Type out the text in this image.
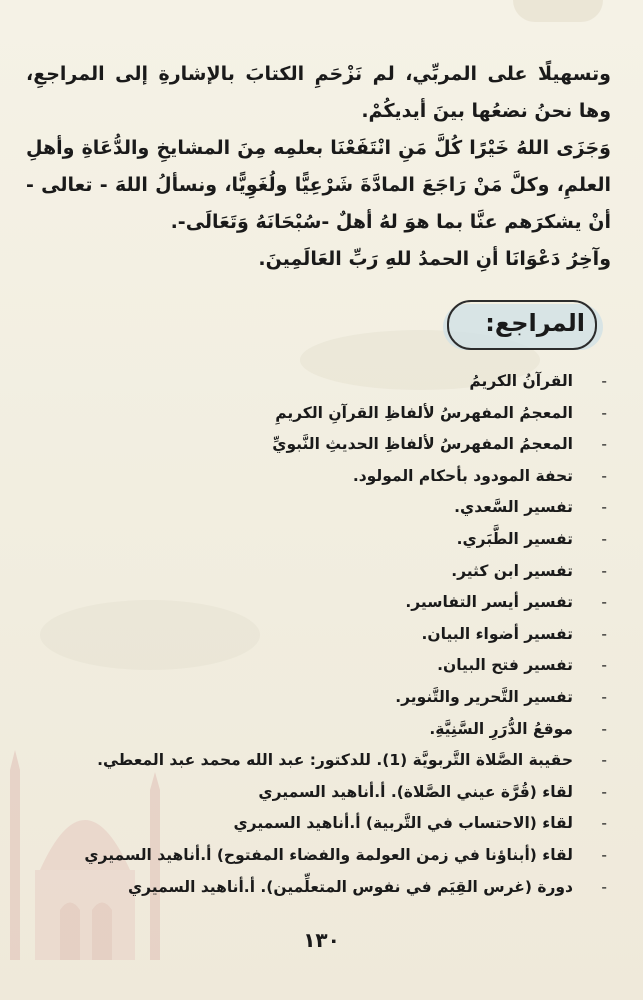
وتسهيلًا على المربِّي، لم نَزْحَمِ الكتابَ بالإشارةِ إلى المراجعِ، وها نحنُ نضعُها بينَ أيديكُمْ.

وَجَزَى اللهُ خَيْرًا كُلَّ مَنِ انْتَفَعْنَا بعلمِه مِنَ المشايخِ والدُّعَاةِ وأهلِ العلمِ، وكلَّ مَنْ رَاجَعَ المادَّةَ شَرْعِيًّا ولُغَوِيًّا، ونسألُ اللهَ - تعالى - أنْ يشكرَهم عنَّا بما هوَ لهُ أهلٌ -سُبْحَانَهُ وَتَعَالَى-.

وآخِرُ دَعْوَانَا أنِ الحمدُ للهِ رَبِّ العَالَمِينَ.

المراجع:
-
القرآنُ الكريمُ
-
المعجمُ المفهرسُ لألفاظِ القرآنِ الكريمِ
-
المعجمُ المفهرسُ لألفاظِ الحديثِ النَّبويِّ
-
تحفة المودود بأحكام المولود.
-
تفسير السَّعدي.
-
تفسير الطَّبَري.
-
تفسير ابن كثير.
-
تفسير أيسر التفاسير.
-
تفسير أضواء البيان.
-
تفسير فتح البيان.
-
تفسير التَّحرير والتَّنوير.
-
موقعُ الدُّرَرِ السَّنِيَّةِ.
-
حقيبة الصَّلاة التَّربويَّة (1). للدكتور: عبد الله محمد عبد المعطي.
-
لقاء (قُرَّة عيني الصَّلاة). أ.أناهيد السميري
-
لقاء (الاحتساب في التَّربية) أ.أناهيد السميري
-
لقاء (أبناؤنا في زمن العولمة والفضاء المفتوح) أ.أناهيد السميري
-
دورة (غرس القِيَم في نفوس المتعلِّمين). أ.أناهيد السميري
١٣٠
